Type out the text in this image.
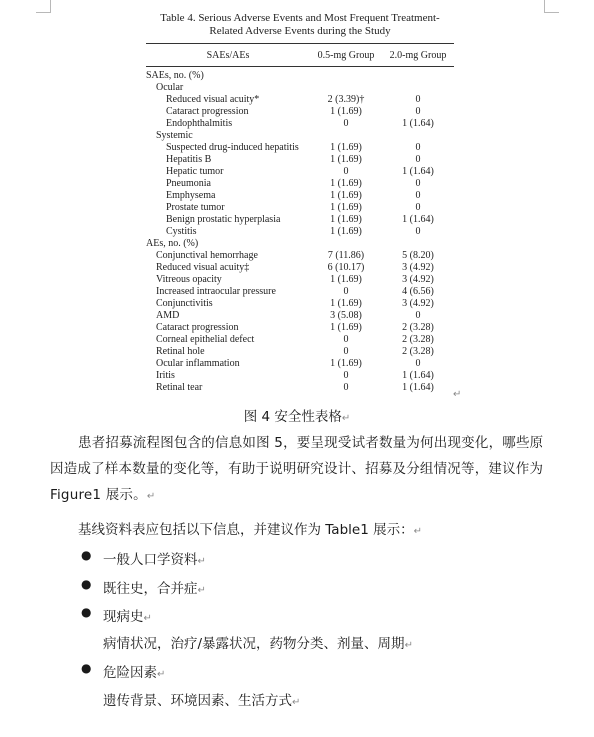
Table 4. Serious Adverse Events and Most Frequent Treatment-
Related Adverse Events during the Study
SAEs/AEs	0.5-mg Group	2.0-mg Group
SAEs, no. (%)
Ocular
Reduced visual acuity*	2 (3.39)†	0
Cataract progression	1 (1.69)	0
Endophthalmitis	0	1 (1.64)
Systemic
Suspected drug-induced hepatitis	1 (1.69)	0
Hepatitis B	1 (1.69)	0
Hepatic tumor	0	1 (1.64)
Pneumonia	1 (1.69)	0
Emphysema	1 (1.69)	0
Prostate tumor	1 (1.69)	0
Benign prostatic hyperplasia	1 (1.69)	1 (1.64)
Cystitis	1 (1.69)	0
AEs, no. (%)
Conjunctival hemorrhage	7 (11.86)	5 (8.20)
Reduced visual acuity‡	6 (10.17)	3 (4.92)
Vitreous opacity	1 (1.69)	3 (4.92)
Increased intraocular pressure	0	4 (6.56)
Conjunctivitis	1 (1.69)	3 (4.92)
AMD	3 (5.08)	0
Cataract progression	1 (1.69)	2 (3.28)
Corneal epithelial defect	0	2 (3.28)
Retinal hole	0	2 (3.28)
Ocular inflammation	1 (1.69)	0
Iritis	0	1 (1.64)
Retinal tear	0	1 (1.64)
↵
图 4 安全性表格↵
患者招募流程图包含的信息如图 5，要呈现受试者数量为何出现变化，哪些原因造成了样本数量的变化等，有助于说明研究设计、招募及分组情况等，建议作为 Figure1 展示。↵
基线资料表应包括以下信息，并建议作为 Table1 展示：↵
● 一般人口学资料↵
● 既往史，合并症↵
● 现病史↵
病情状况，治疗/暴露状况，药物分类、剂量、周期↵
● 危险因素↵
遗传背景、环境因素、生活方式↵
